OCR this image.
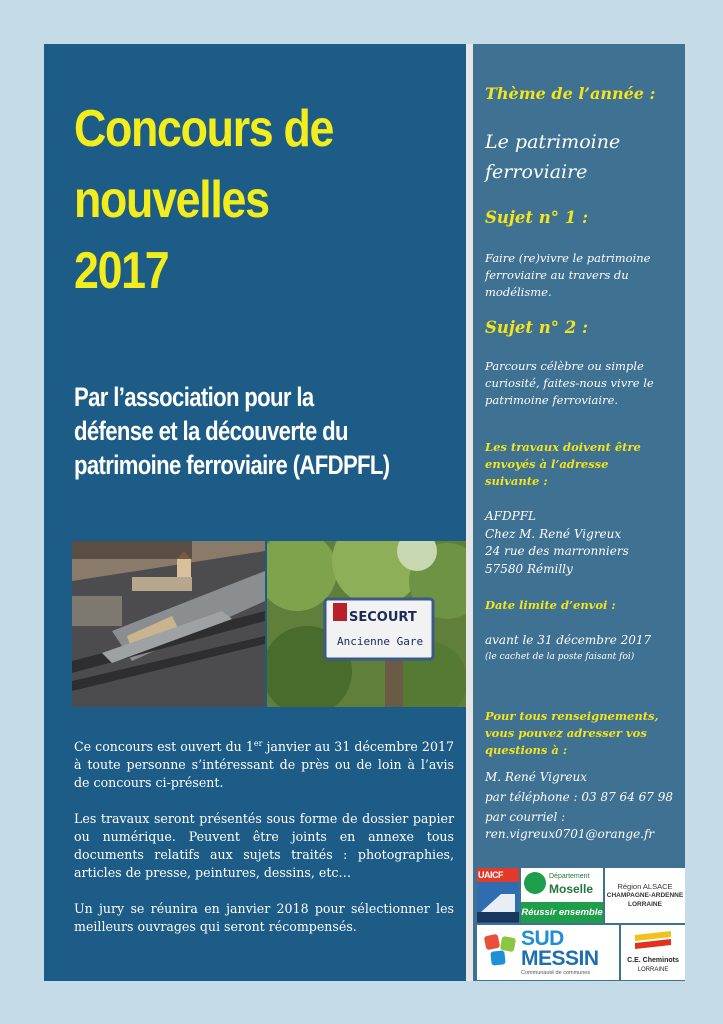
Concours de
nouvelles
2017
Par l’association pour la
défense et la découverte du
patrimoine ferroviaire (AFDPFL)
SECOURT
Ancienne Gare

Ce concours est ouvert du 1er janvier au 31 décembre 2017 à toute personne s’intéressant de près ou de loin à l’avis de concours ci-présent.

Les travaux seront présentés sous forme de dossier papier ou numérique. Peuvent être joints en annexe tous documents relatifs aux sujets traités : photographies, articles de presse, peintures, dessins, etc…

Un jury se réunira en janvier 2018 pour sélectionner les meilleurs ouvrages qui seront récompensés.

Thème de l’année :

Le patrimoine
ferroviaire

Sujet n° 1 :

Faire (re)vivre le patrimoine
ferroviaire au travers du
modélisme.

Sujet n° 2 :

Parcours célèbre ou simple
curiosité, faites-nous vivre le
patrimoine ferroviaire.

Les travaux doivent être
envoyés à l’adresse
suivante :

AFDPFL
Chez M. René Vigreux
24 rue des marronniers
57580 Rémilly

Date limite d’envoi :

avant le 31 décembre 2017

(le cachet de la poste faisant foi)

Pour tous renseignements,
vous pouvez adresser vos
questions à :

M. René Vigreux
par téléphone : 03 87 64 67 98
par courriel :
ren.vigreux0701@orange.fr

UAICF	Département
Moselle
Réussir ensemble
Région ALSACE
CHAMPAGNE-ARDENNE
LORRAINE
SUD
MESSIN
Communauté de communes
C.E. Cheminots
LORRAINE
